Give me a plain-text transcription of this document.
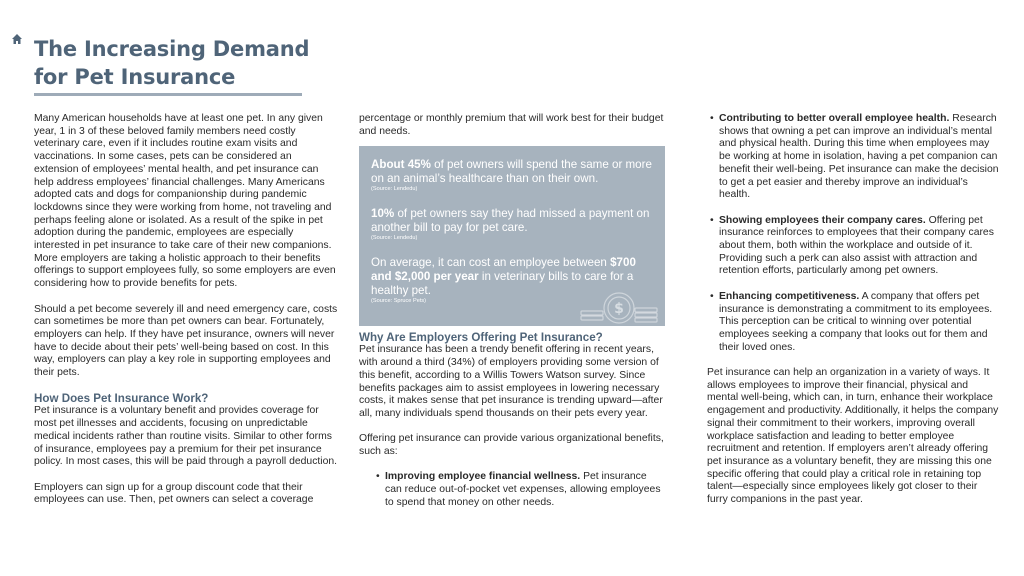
The Increasing Demand
for Pet Insurance

Many American households have at least one pet. In any given year, 1 in 3 of these beloved family members need costly veterinary care, even if it includes routine exam visits and vaccinations. In some cases, pets can be considered an extension of employees’ mental health, and pet insurance can help address employees’ financial challenges. Many Americans adopted cats and dogs for companionship during pandemic lockdowns since they were working from home, not traveling and perhaps feeling alone or isolated. As a result of the spike in pet adoption during the pandemic, employees are especially interested in pet insurance to take care of their new companions. More employers are taking a holistic approach to their benefits offerings to support employees fully, so some employers are even considering how to provide benefits for pets.

Should a pet become severely ill and need emergency care, costs can sometimes be more than pet owners can bear. Fortunately, employers can help. If they have pet insurance, owners will never have to decide about their pets’ well-being based on cost. In this way, employers can play a key role in supporting employees and their pets.

How Does Pet Insurance Work?

Pet insurance is a voluntary benefit and provides coverage for most pet illnesses and accidents, focusing on unpredictable medical incidents rather than routine visits. Similar to other forms of insurance, employees pay a premium for their pet insurance policy. In most cases, this will be paid through a payroll deduction.

Employers can sign up for a group discount code that their employees can use. Then, pet owners can select a coverage

percentage or monthly premium that will work best for their budget and needs.

About 45% of pet owners will spend the same or more on an animal’s healthcare than on their own.
(Source: Lendedu)
10% of pet owners say they had missed a payment on another bill to pay for pet care.
(Source: Lendedu)
On average, it can cost an employee between $700 and $2,000 per year in veterinary bills to care for a healthy pet.
(Source: Spruce Pets)	$
Why Are Employers Offering Pet Insurance?

Pet insurance has been a trendy benefit offering in recent years, with around a third (34%) of employers providing some version of this benefit, according to a Willis Towers Watson survey. Since benefits packages aim to assist employees in lowering necessary costs, it makes sense that pet insurance is trending upward—after all, many individuals spend thousands on their pets every year.

Offering pet insurance can provide various organizational benefits, such as:

• Improving employee financial wellness. Pet insurance can reduce out-of-pocket vet expenses, allowing employees to spend that money on other needs.
• Contributing to better overall employee health. Research shows that owning a pet can improve an individual’s mental and physical health. During this time when employees may be working at home in isolation, having a pet companion can benefit their well-being. Pet insurance can make the decision to get a pet easier and thereby improve an individual’s health.
• Showing employees their company cares. Offering pet insurance reinforces to employees that their company cares about them, both within the workplace and outside of it. Providing such a perk can also assist with attraction and retention efforts, particularly among pet owners.
• Enhancing competitiveness. A company that offers pet insurance is demonstrating a commitment to its employees. This perception can be critical to winning over potential employees seeking a company that looks out for them and their loved ones.

Pet insurance can help an organization in a variety of ways. It allows employees to improve their financial, physical and mental well-being, which can, in turn, enhance their workplace engagement and productivity. Additionally, it helps the company signal their commitment to their workers, improving overall workplace satisfaction and leading to better employee recruitment and retention. If employers aren’t already offering pet insurance as a voluntary benefit, they are missing this one specific offering that could play a critical role in retaining top talent—especially since employees likely got closer to their furry companions in the past year.
